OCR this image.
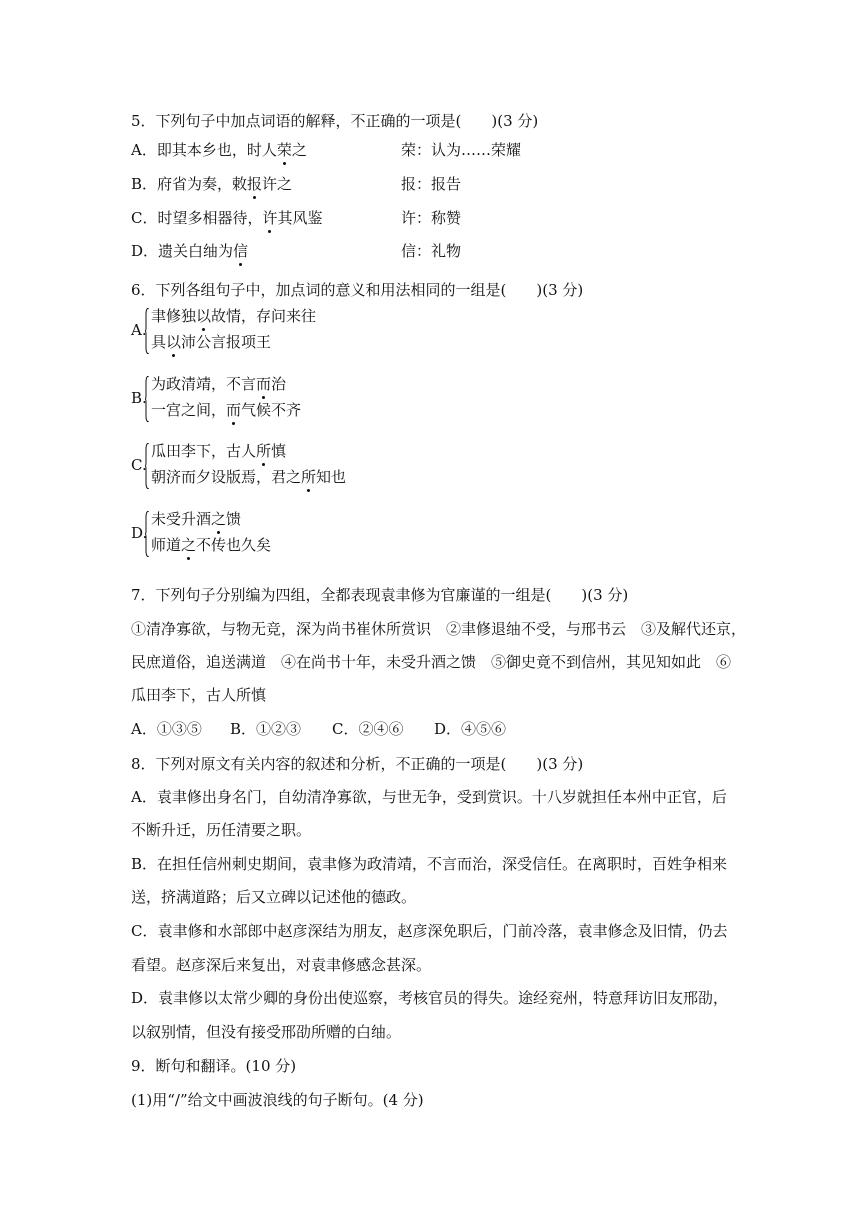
5．下列句子中加点词语的解释，不正确的一项是(　　)(3 分)
A．即其本乡也，时人荣之	荣：认为……荣耀
B．府省为奏，敕报许之	报：报告
C．时望多相器待，许其风鉴	许：称赞
D．遗关白䌷为信	信：礼物
6．下列各组句子中，加点词的意义和用法相同的一组是(　　)(3 分)
A.
聿修独以故情，存问来往
具以沛公言报项王
B.
为政清靖，不言而治
一宫之间，而气候不齐
C.
瓜田李下，古人所慎
朝济而夕设版焉，君之所知也
D.
未受升酒之馈
师道之不传也久矣
7．下列句子分别编为四组，全都表现袁聿修为官廉谨的一组是(　　)(3 分)
①清净寡欲，与物无竞，深为尚书崔休所赏识　②聿修退䌷不受，与邢书云　③及解代还京，
民庶道俗，追送满道　④在尚书十年，未受升酒之馈　⑤御史竟不到信州，其见知如此　⑥
瓜田李下，古人所慎
A．①③⑤ B．①②③ C．②④⑥ D．④⑤⑥
8．下列对原文有关内容的叙述和分析，不正确的一项是(　　)(3 分)
A．袁聿修出身名门，自幼清净寡欲，与世无争，受到赏识。十八岁就担任本州中正官，后
不断升迁，历任清要之职。
B．在担任信州刺史期间，袁聿修为政清靖，不言而治，深受信任。在离职时，百姓争相来
送，挤满道路；后又立碑以记述他的德政。
C．袁聿修和水部郎中赵彦深结为朋友，赵彦深免职后，门前冷落，袁聿修念及旧情，仍去
看望。赵彦深后来复出，对袁聿修感念甚深。
D．袁聿修以太常少卿的身份出使巡察，考核官员的得失。途经兖州，特意拜访旧友邢劭，
以叙别情，但没有接受邢劭所赠的白䌷。
9．断句和翻译。(10 分)
(1)用“/”给文中画波浪线的句子断句。(4 分)
